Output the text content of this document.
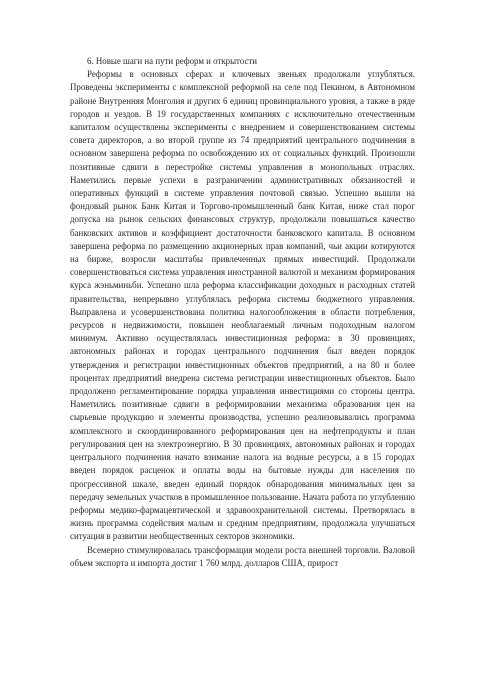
6. Новые шаги на пути реформ и открытости

Реформы в основных сферах и ключевых звеньях продолжали углубляться. Проведены эксперименты с комплексной реформой на селе под Пекином, в Автономном районе Внутренняя Монголия и других 6 единиц провинциального уровня, а также в ряде городов и уездов. В 19 государственных компаниях с исключительно отечественным капиталом осуществлены эксперименты с внедрением и совершенствованием системы совета директоров, а во второй группе из 74 предприятий центрального подчинения в основном завершена реформа по освобождению их от социальных функций. Произошли позитивные сдвиги в перестройке системы управления в монопольных отраслях. Наметились первые успехи в разграничении административных обязанностей и оперативных функций в системе управления почтовой связью. Успешно вышли на фондовый рынок Банк Китая и Торгово-промышленный банк Китая, ниже стал порог допуска на рынок сельских финансовых структур, продолжали повышаться качество банковских активов и коэффициент достаточности банковского капитала. В основном завершена реформа по размещению акционерных прав компаний, чьи акции котируются на бирже, возросли масштабы привлеченных прямых инвестиций. Продолжали совершенствоваться система управления иностранной валютой и механизм формирования курса жэньминьби. Успешно шла реформа классификации доходных и расходных статей правительства, непрерывно углублялась реформа системы бюджетного управления. Выправлена и усовершенствована политика налогообложения в области потребления, ресурсов и недвижимости, повышен необлагаемый личным подоходным налогом минимум. Активно осуществлялась инвестиционная реформа: в 30 провинциях, автономных районах и городах центрального подчинения был введен порядок утверждения и регистрации инвестиционных объектов предприятий, а на 80 и более процентах предприятий внедрена система регистрации инвестиционных объектов. Было продолжено регламентирование порядка управления инвестициями со стороны центра. Наметились позитивные сдвиги в реформировании механизма образования цен на сырьевые продукцию и элементы производства, успешно реализовывались программа комплексного и скоординированного реформирования цен на нефтепродукты и план регулирования цен на электроэнергию. В 30 провинциях, автономных районах и городах центрального подчинения начато взимание налога на водные ресурсы, а в 15 городах введен порядок расценок и оплаты воды на бытовые нужды для населения по прогрессивной шкале, введен единый порядок обнародования минимальных цен за передачу земельных участков в промышленное пользование. Начата работа по углублению реформы медико-фармацевтической и здравоохранительной системы. Претворялась в жизнь программа содействия малым и средним предприятиям, продолжала улучшаться ситуация в развитии необщественных секторов экономики.

Всемерно стимулировалась трансформация модели роста внешней торговли. Валовой объем экспорта и импорта достиг 1 760 млрд. долларов США, прирост
